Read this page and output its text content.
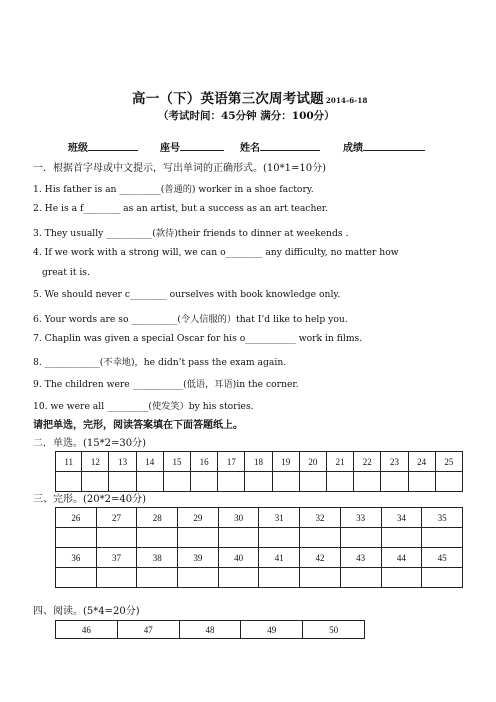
高一（下）英语第三次周考试题 2014-6-18
（考试时间：45分钟 满分：100分）
班级	座号	姓名	成绩
一．根据首字母或中文提示，写出单词的正确形式。(10*1=10分)
1. His father is an _________(普通的) worker in a shoe factory.
2. He is a f________ as an artist, but a success as an art teacher.
3. They usually __________(款待)their friends to dinner at weekends .
4. If we work with a strong will, we can o________ any difficulty, no matter how
great it is.
5. We should never c________ ourselves with book knowledge only.
6. Your words are so __________(令人信服的）that I’d like to help you.
7. Chaplin was given a special Oscar for his o___________ work in films.
8. ____________(不幸地)，he didn’t pass the exam again.
9. The children were ___________(低语，耳语)in the corner.
10. we were all _________(使发笑）by his stories.
请把单选，完形，阅读答案填在下面答题纸上。
二．单选。(15*2=30分)
11	12	13	14	15	16	17	18	19	20	21	22	23	24	25

三、完形。(20*2=40分)
26	27	28	29	30	31	32	33	34	35

36	37	38	39	40	41	42	43	44	45

四、阅读。(5*4=20分)
46	47	48	49	50
